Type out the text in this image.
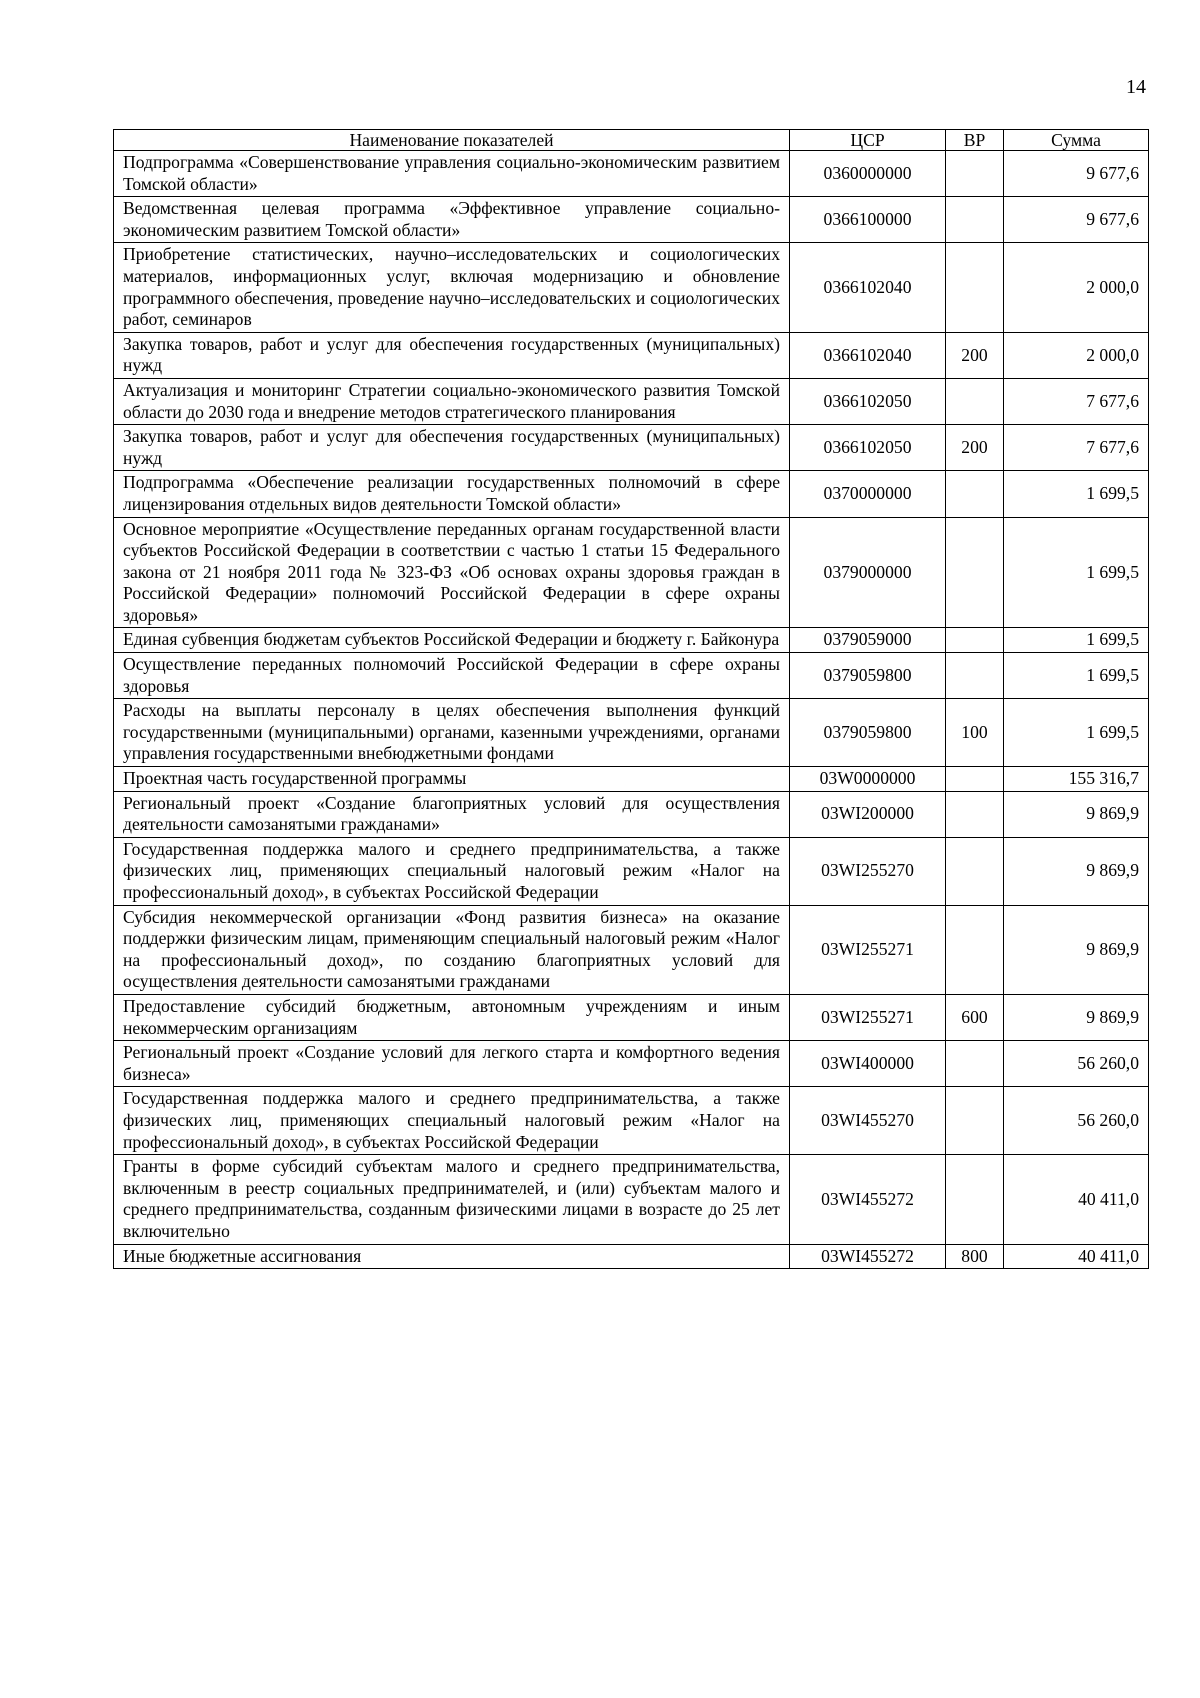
14
Наименование показателей	ЦСР	ВР	Сумма
Подпрограмма «Совершенствование управления социально-экономическим развитием Томской области»	0360000000		9 677,6
Ведомственная целевая программа «Эффективное управление социально-экономическим развитием Томской области»	0366100000		9 677,6
Приобретение статистических, научно–исследовательских и социологических материалов, информационных услуг, включая модернизацию и обновление программного обеспечения, проведение научно–исследовательских и социологических работ, семинаров	0366102040		2 000,0
Закупка товаров, работ и услуг для обеспечения государственных (муниципальных) нужд	0366102040	200	2 000,0
Актуализация и мониторинг Стратегии социально-экономического развития Томской области до 2030 года и внедрение методов стратегического планирования	0366102050		7 677,6
Закупка товаров, работ и услуг для обеспечения государственных (муниципальных) нужд	0366102050	200	7 677,6
Подпрограмма «Обеспечение реализации государственных полномочий в сфере лицензирования отдельных видов деятельности Томской области»	0370000000		1 699,5
Основное мероприятие «Осуществление переданных органам государственной власти субъектов Российской Федерации в соответствии с частью 1 статьи 15 Федерального закона от 21 ноября 2011 года № 323-ФЗ «Об основах охраны здоровья граждан в Российской Федерации» полномочий Российской Федерации в сфере охраны здоровья»	0379000000		1 699,5
Единая субвенция бюджетам субъектов Российской Федерации и бюджету г. Байконура	0379059000		1 699,5
Осуществление переданных полномочий Российской Федерации в сфере охраны здоровья	0379059800		1 699,5
Расходы на выплаты персоналу в целях обеспечения выполнения функций государственными (муниципальными) органами, казенными учреждениями, органами управления государственными внебюджетными фондами	0379059800	100	1 699,5
Проектная часть государственной программы	03W0000000		155 316,7
Региональный проект «Создание благоприятных условий для осуществления деятельности самозанятыми гражданами»	03WI200000		9 869,9
Государственная поддержка малого и среднего предпринимательства, а также физических лиц, применяющих специальный налоговый режим «Налог на профессиональный доход», в субъектах Российской Федерации	03WI255270		9 869,9
Субсидия некоммерческой организации «Фонд развития бизнеса» на оказание поддержки физическим лицам, применяющим специальный налоговый режим «Налог на профессиональный доход», по созданию благоприятных условий для осуществления деятельности самозанятыми гражданами	03WI255271		9 869,9
Предоставление субсидий бюджетным, автономным учреждениям и иным некоммерческим организациям	03WI255271	600	9 869,9
Региональный проект «Создание условий для легкого старта и комфортного ведения бизнеса»	03WI400000		56 260,0
Государственная поддержка малого и среднего предпринимательства, а также физических лиц, применяющих специальный налоговый режим «Налог на профессиональный доход», в субъектах Российской Федерации	03WI455270		56 260,0
Гранты в форме субсидий субъектам малого и среднего предпринимательства, включенным в реестр социальных предпринимателей, и (или) субъектам малого и среднего предпринимательства, созданным физическими лицами в возрасте до 25 лет включительно	03WI455272		40 411,0
Иные бюджетные ассигнования	03WI455272	800	40 411,0
